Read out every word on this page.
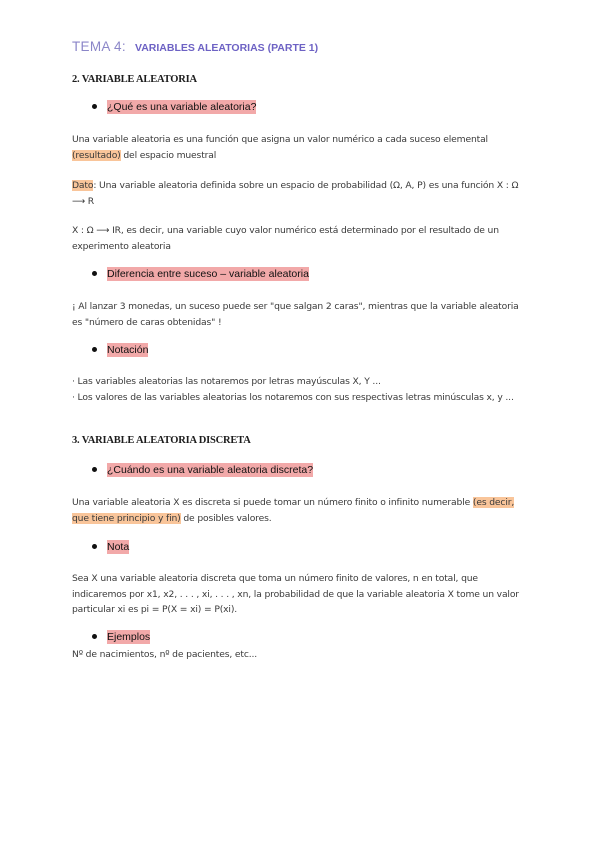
TEMA 4: VARIABLES ALEATORIAS (PARTE 1)
2. VARIABLE ALEATORIA
¿Qué es una variable aleatoria?
Una variable aleatoria es una función que asigna un valor numérico a cada suceso elemental (resultado) del espacio muestral
Dato: Una variable aleatoria definida sobre un espacio de probabilidad (Ω, A, P) es una función X : Ω ⟶ R
X : Ω ⟶ IR, es decir, una variable cuyo valor numérico está determinado por el resultado de un experimento aleatoria
Diferencia entre suceso – variable aleatoria
¡ Al lanzar 3 monedas, un suceso puede ser "que salgan 2 caras", mientras que la variable aleatoria es "número de caras obtenidas" !
Notación
· Las variables aleatorias las notaremos por letras mayúsculas X, Y ...
· Los valores de las variables aleatorias los notaremos con sus respectivas letras minúsculas x, y ...
3. VARIABLE ALEATORIA DISCRETA
¿Cuándo es una variable aleatoria discreta?
Una variable aleatoria X es discreta si puede tomar un número finito o infinito numerable (es decir, que tiene principio y fin) de posibles valores.
Nota
Sea X una variable aleatoria discreta que toma un número finito de valores, n en total, que indicaremos por x1, x2, . . . , xi, . . . , xn, la probabilidad de que la variable aleatoria X tome un valor particular xi es pi = P(X = xi) = P(xi).
Ejemplos
Nº de nacimientos, nº de pacientes, etc...
